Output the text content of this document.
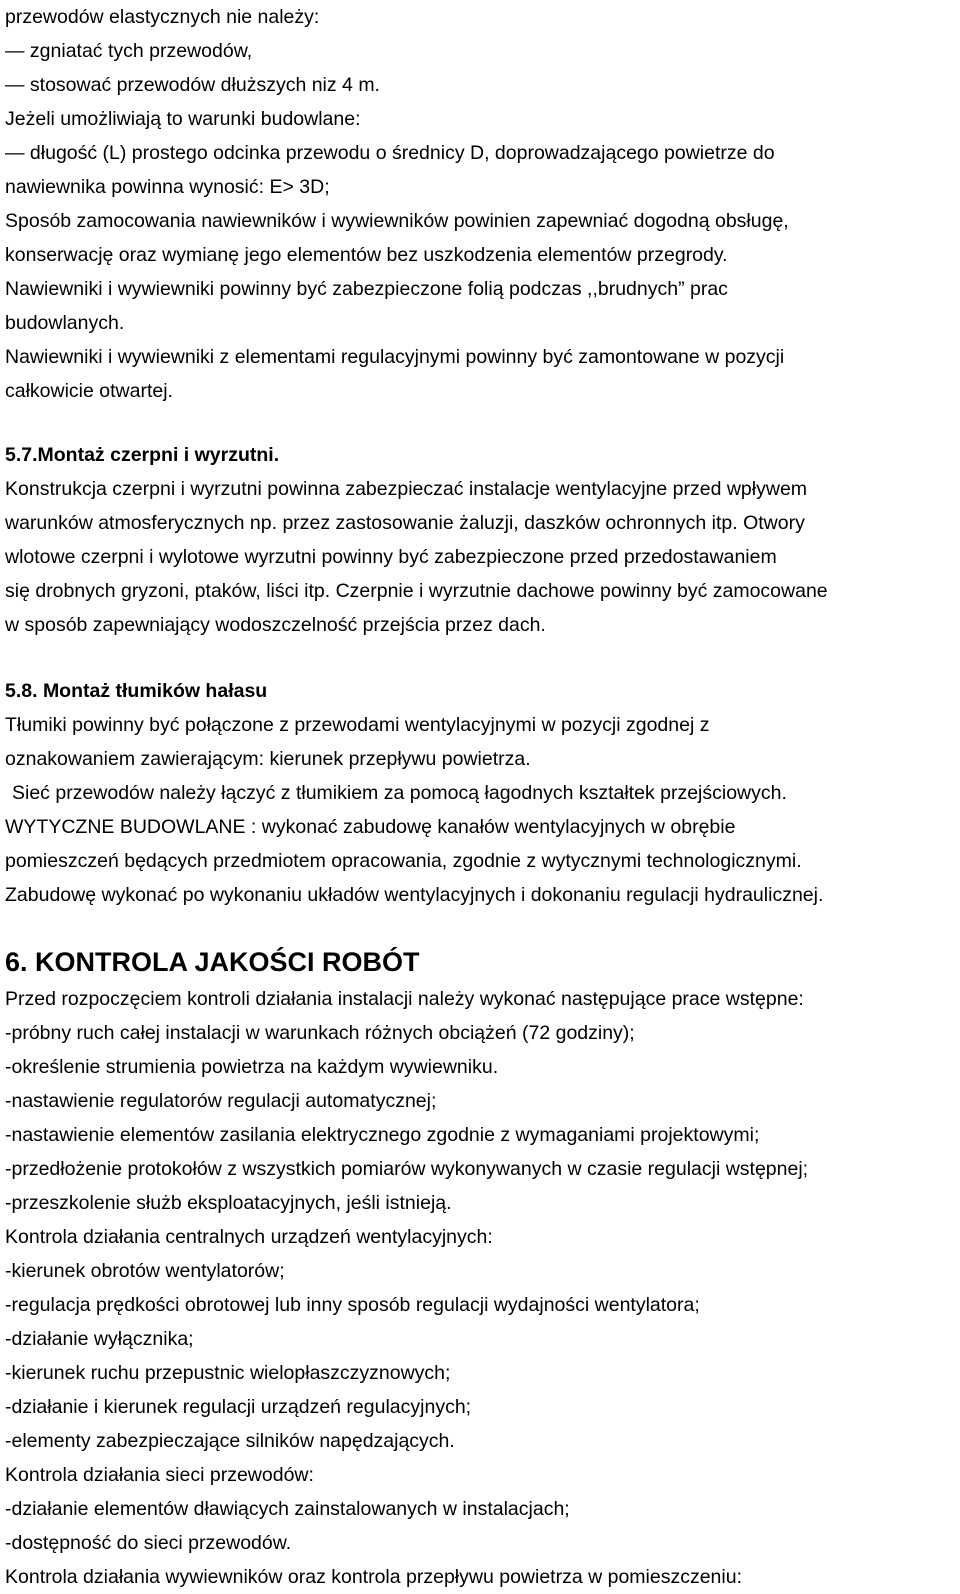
przewodów elastycznych nie należy:
— zgniatać tych przewodów,
— stosować przewodów dłuższych niz 4 m.
Jeżeli umożliwiają to warunki budowlane:
— długość (L) prostego odcinka przewodu o średnicy D, doprowadzającego powietrze do
nawiewnika powinna wynosić: E> 3D;
Sposób zamocowania nawiewników i wywiewników powinien zapewniać dogodną obsługę,
konserwację oraz wymianę jego elementów bez uszkodzenia elementów przegrody.
Nawiewniki i wywiewniki powinny być zabezpieczone folią podczas ,,brudnych” prac
budowlanych.
Nawiewniki i wywiewniki z elementami regulacyjnymi powinny być zamontowane w pozycji
całkowicie otwartej.
5.7.Montaż czerpni i wyrzutni.
Konstrukcja czerpni i wyrzutni powinna zabezpieczać instalacje wentylacyjne przed wpływem
warunków atmosferycznych np. przez zastosowanie żaluzji, daszków ochronnych itp. Otwory
wlotowe czerpni i wylotowe wyrzutni powinny być zabezpieczone przed przedostawaniem
się drobnych gryzoni, ptaków, liści itp. Czerpnie i wyrzutnie dachowe powinny być zamocowane
w sposób zapewniający wodoszczelność przejścia przez dach.
5.8. Montaż tłumików hałasu
Tłumiki powinny być połączone z przewodami wentylacyjnymi w pozycji zgodnej z
oznakowaniem zawierającym: kierunek przepływu powietrza.
Sieć przewodów należy łączyć z tłumikiem za pomocą łagodnych kształtek przejściowych.
WYTYCZNE BUDOWLANE : wykonać zabudowę kanałów wentylacyjnych w obrębie
pomieszczeń będących przedmiotem opracowania, zgodnie z wytycznymi technologicznymi.
Zabudowę wykonać po wykonaniu układów wentylacyjnych i dokonaniu regulacji hydraulicznej.
6. KONTROLA JAKOŚCI ROBÓT
Przed rozpoczęciem kontroli działania instalacji należy wykonać następujące prace wstępne:
-próbny ruch całej instalacji w warunkach różnych obciążeń (72 godziny);
-określenie strumienia powietrza na każdym wywiewniku.
-nastawienie regulatorów regulacji automatycznej;
-nastawienie elementów zasilania elektrycznego zgodnie z wymaganiami projektowymi;
-przedłożenie protokołów z wszystkich pomiarów wykonywanych w czasie regulacji wstępnej;
-przeszkolenie służb eksploatacyjnych, jeśli istnieją.
Kontrola działania centralnych urządzeń wentylacyjnych:
-kierunek obrotów wentylatorów;
-regulacja prędkości obrotowej lub inny sposób regulacji wydajności wentylatora;
-działanie wyłącznika;
-kierunek ruchu przepustnic wielopłaszczyznowych;
-działanie i kierunek regulacji urządzeń regulacyjnych;
-elementy zabezpieczające silników napędzających.
Kontrola działania sieci przewodów:
-działanie elementów dławiących zainstalowanych w instalacjach;
-dostępność do sieci przewodów.
Kontrola działania wywiewników oraz kontrola przepływu powietrza w pomieszczeniu:
